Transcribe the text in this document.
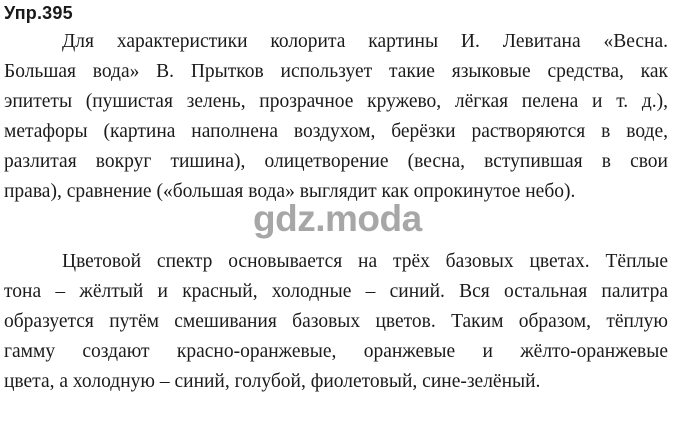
Упр.395
Для характеристики колорита картины И. Левитана «Весна.
Большая вода» В. Прытков использует такие языковые средства, как
эпитеты (пушистая зелень, прозрачное кружево, лёгкая пелена и т. д.),
метафоры (картина наполнена воздухом, берёзки растворяются в воде,
разлитая вокруг тишина), олицетворение (весна, вступившая в свои
права), сравнение («большая вода» выглядит как опрокинутое небо).
Цветовой спектр основывается на трёх базовых цветах. Тёплые
тона – жёлтый и красный, холодные – синий. Вся остальная палитра
образуется путём смешивания базовых цветов. Таким образом, тёплую
гамму создают красно-оранжевые, оранжевые и жёлто-оранжевые
цвета, а холодную – синий, голубой, фиолетовый, сине-зелёный.
gdz.moda
